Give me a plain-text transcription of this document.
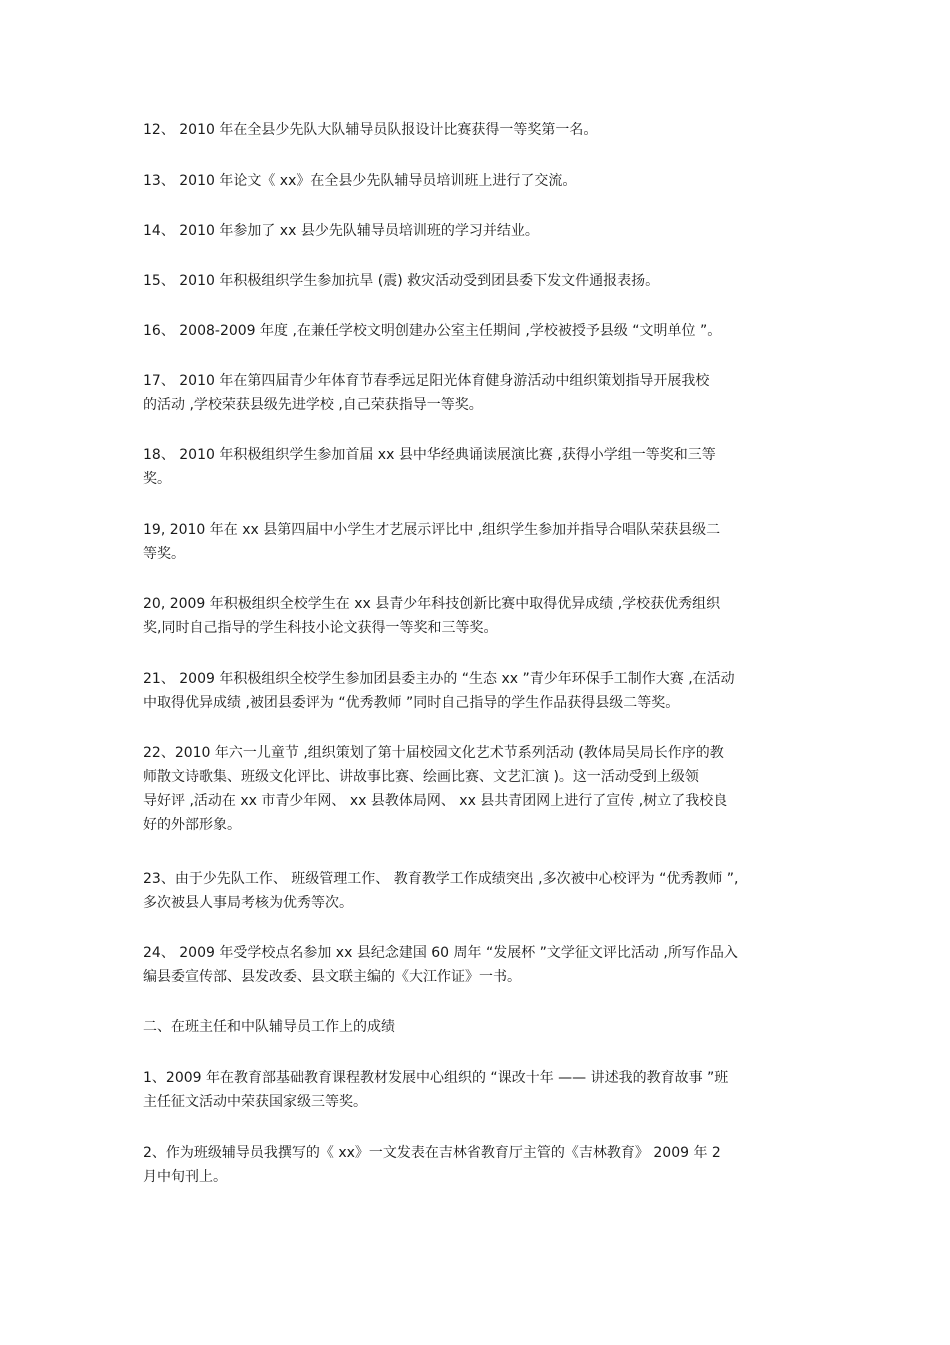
12、 2010 年在全县少先队大队辅导员队报设计比赛获得一等奖第一名。

13、 2010 年论文《 xx》在全县少先队辅导员培训班上进行了交流。

14、 2010 年参加了 xx 县少先队辅导员培训班的学习并结业。

15、 2010 年积极组织学生参加抗旱 (震) 救灾活动受到团县委下发文件通报表扬。

16、 2008-2009 年度 ,在兼任学校文明创建办公室主任期间 ,学校被授予县级 “文明单位 ”。

17、 2010 年在第四届青少年体育节春季远足阳光体育健身游活动中组织策划指导开展我校
的活动 ,学校荣获县级先进学校 ,自己荣获指导一等奖。

18、 2010 年积极组织学生参加首届 xx 县中华经典诵读展演比赛 ,获得小学组一等奖和三等
奖。

19, 2010 年在 xx 县第四届中小学生才艺展示评比中 ,组织学生参加并指导合唱队荣获县级二
等奖。

20, 2009 年积极组织全校学生在 xx 县青少年科技创新比赛中取得优异成绩 ,学校获优秀组织
奖,同时自己指导的学生科技小论文获得一等奖和三等奖。

21、 2009 年积极组织全校学生参加团县委主办的 “生态 xx ”青少年环保手工制作大赛 ,在活动
中取得优异成绩 ,被团县委评为 “优秀教师 ”同时自己指导的学生作品获得县级二等奖。

22、2010 年六一儿童节 ,组织策划了第十届校园文化艺术节系列活动 (教体局吴局长作序的教
师散文诗歌集、班级文化评比、讲故事比赛、绘画比赛、文艺汇演 )。这一活动受到上级领
导好评 ,活动在 xx 市青少年网、 xx 县教体局网、 xx 县共青团网上进行了宣传 ,树立了我校良
好的外部形象。

23、由于少先队工作、 班级管理工作、 教育教学工作成绩突出 ,多次被中心校评为 “优秀教师 ”,
多次被县人事局考核为优秀等次。

24、 2009 年受学校点名参加 xx 县纪念建国 60 周年 “发展杯 ”文学征文评比活动 ,所写作品入
编县委宣传部、县发改委、县文联主编的《大江作证》一书。

二、在班主任和中队辅导员工作上的成绩

1、2009 年在教育部基础教育课程教材发展中心组织的 “课改十年 —— 讲述我的教育故事 ”班
主任征文活动中荣获国家级三等奖。

2、作为班级辅导员我撰写的《 xx》一文发表在吉林省教育厅主管的《吉林教育》 2009 年 2
月中旬刊上。
